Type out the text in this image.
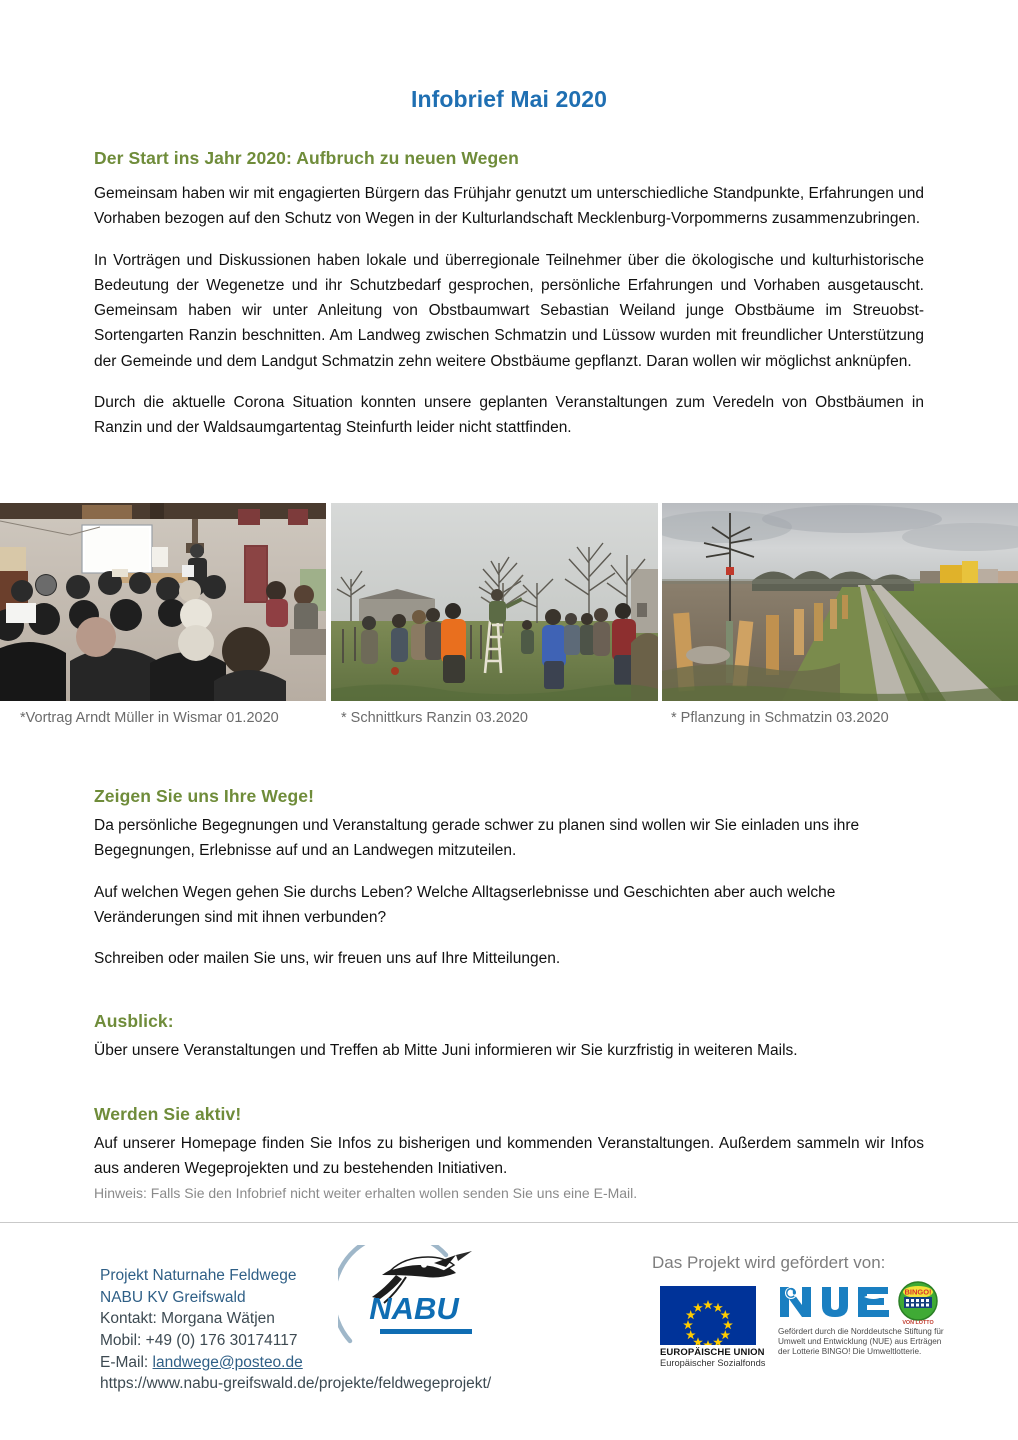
Infobrief Mai 2020
Der Start ins Jahr 2020: Aufbruch zu neuen Wegen

Gemeinsam haben wir mit engagierten Bürgern das Frühjahr genutzt um unterschiedliche Standpunkte, Erfahrungen und Vorhaben bezogen auf den Schutz von Wegen in der Kulturlandschaft Mecklenburg-Vorpommerns zusammenzubringen.

In Vorträgen und Diskussionen haben lokale und überregionale Teilnehmer über die ökologische und kulturhistorische Bedeutung der Wegenetze und ihr Schutzbedarf gesprochen, persönliche Erfahrungen und Vorhaben ausgetauscht. Gemeinsam haben wir unter Anleitung von Obstbaumwart Sebastian Weiland junge Obstbäume im Streuobst-Sortengarten Ranzin beschnitten. Am Landweg zwischen Schmatzin und Lüssow wurden mit freundlicher Unterstützung der Gemeinde und dem Landgut Schmatzin zehn weitere Obstbäume gepflanzt. Daran wollen wir möglichst anknüpfen.

Durch die aktuelle Corona Situation konnten unsere geplanten Veranstaltungen zum Veredeln von Obstbäumen in Ranzin und der Waldsaumgartentag Steinfurth leider nicht stattfinden.

*Vortrag Arndt Müller in Wismar 01.2020	* Schnittkurs Ranzin 03.2020	* Pflanzung in Schmatzin 03.2020
Zeigen Sie uns Ihre Wege!

Da persönliche Begegnungen und Veranstaltung gerade schwer zu planen sind wollen wir Sie einladen uns ihre Begegnungen, Erlebnisse auf und an Landwegen mitzuteilen.

Auf welchen Wegen gehen Sie durchs Leben? Welche Alltagserlebnisse und Geschichten aber auch welche Veränderungen sind mit ihnen verbunden?

Schreiben oder mailen Sie uns, wir freuen uns auf Ihre Mitteilungen.

Ausblick:

Über unsere Veranstaltungen und Treffen ab Mitte Juni informieren wir Sie kurzfristig in weiteren Mails.

Werden Sie aktiv!

Auf unserer Homepage finden Sie Infos zu bisherigen und kommenden Veranstaltungen. Außerdem sammeln wir Infos aus anderen Wegeprojekten und zu bestehenden Initiativen.

Hinweis: Falls Sie den Infobrief nicht weiter erhalten wollen senden Sie uns eine E-Mail.
Projekt Naturnahe Feldwege
NABU KV Greifswald
Kontakt: Morgana Wätjen
Mobil: +49 (0) 176 30174117
E-Mail: landwege@posteo.de
https://www.nabu-greifswald.de/projekte/feldwegeprojekt/
NABU
Das Projekt wird gefördert von:
EUROPÄISCHE UNION
Europäischer Sozialfonds
BINGO!
VON LOTTO
Gefördert durch die Norddeutsche Stiftung für Umwelt und Entwicklung (NUE) aus Erträgen der Lotterie BINGO! Die Umweltlotterie.
